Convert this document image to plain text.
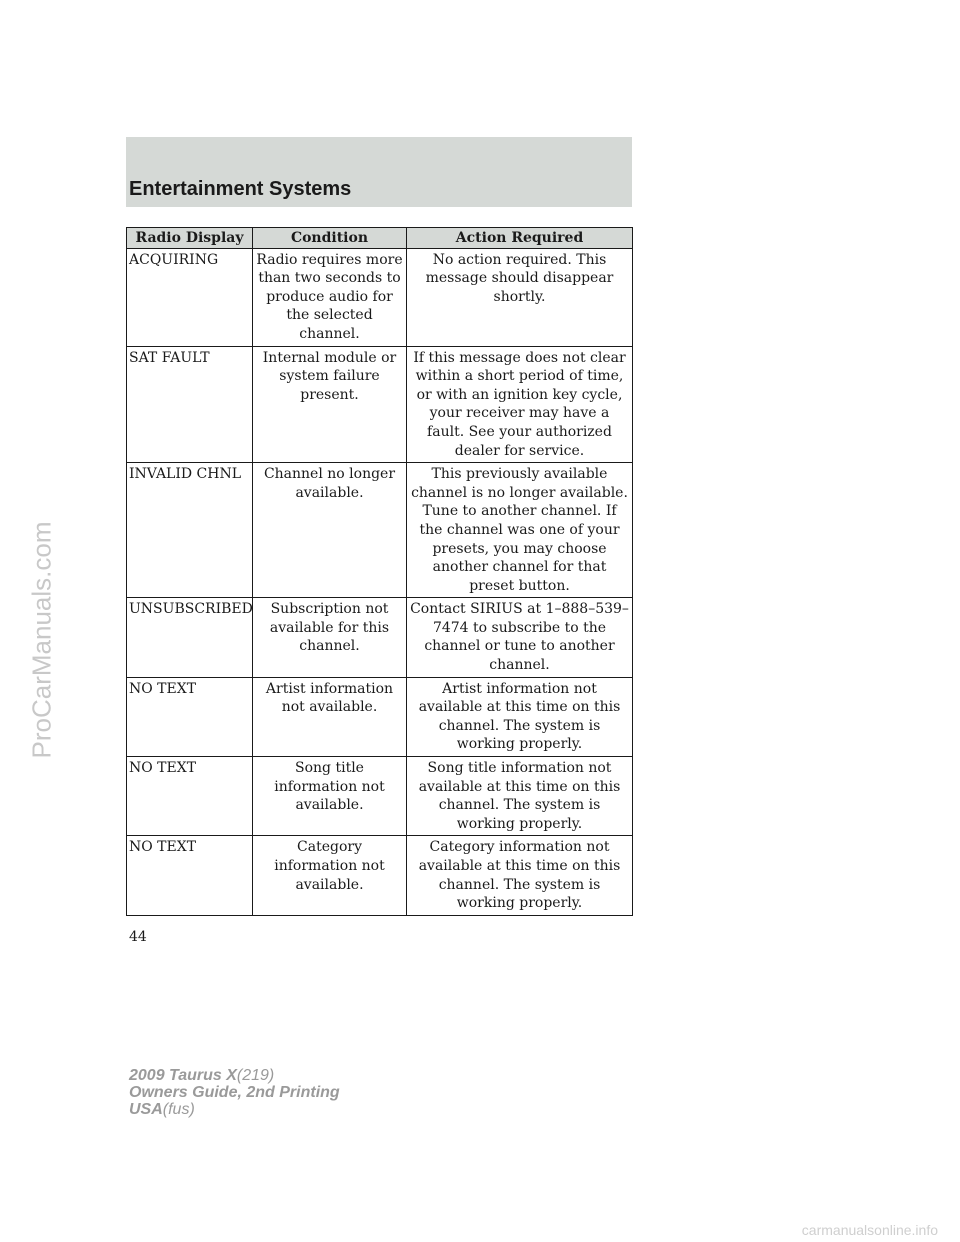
Entertainment Systems
Radio Display	Condition	Action Required
ACQUIRING	Radio requires more than two seconds to produce audio for the selected channel.	No action required. This message should disappear shortly.
SAT FAULT	Internal module or system failure present.	If this message does not clear within a short period of time, or with an ignition key cycle, your receiver may have a fault. See your authorized dealer for service.
INVALID CHNL	Channel no longer available.	This previously available channel is no longer available. Tune to another channel. If the channel was one of your presets, you may choose another channel for that preset button.
UNSUBSCRIBED	Subscription not available for this channel.	Contact SIRIUS at 1–888–539–7474 to subscribe to the channel or tune to another channel.
NO TEXT	Artist information not available.	Artist information not available at this time on this channel. The system is working properly.
NO TEXT	Song title information not available.	Song title information not available at this time on this channel. The system is working properly.
NO TEXT	Category information not available.	Category information not available at this time on this channel. The system is working properly.
44
2009 Taurus X(219)
Owners Guide, 2nd Printing
USA(fus)
ProCarManuals.com
carmanualsonline.info
